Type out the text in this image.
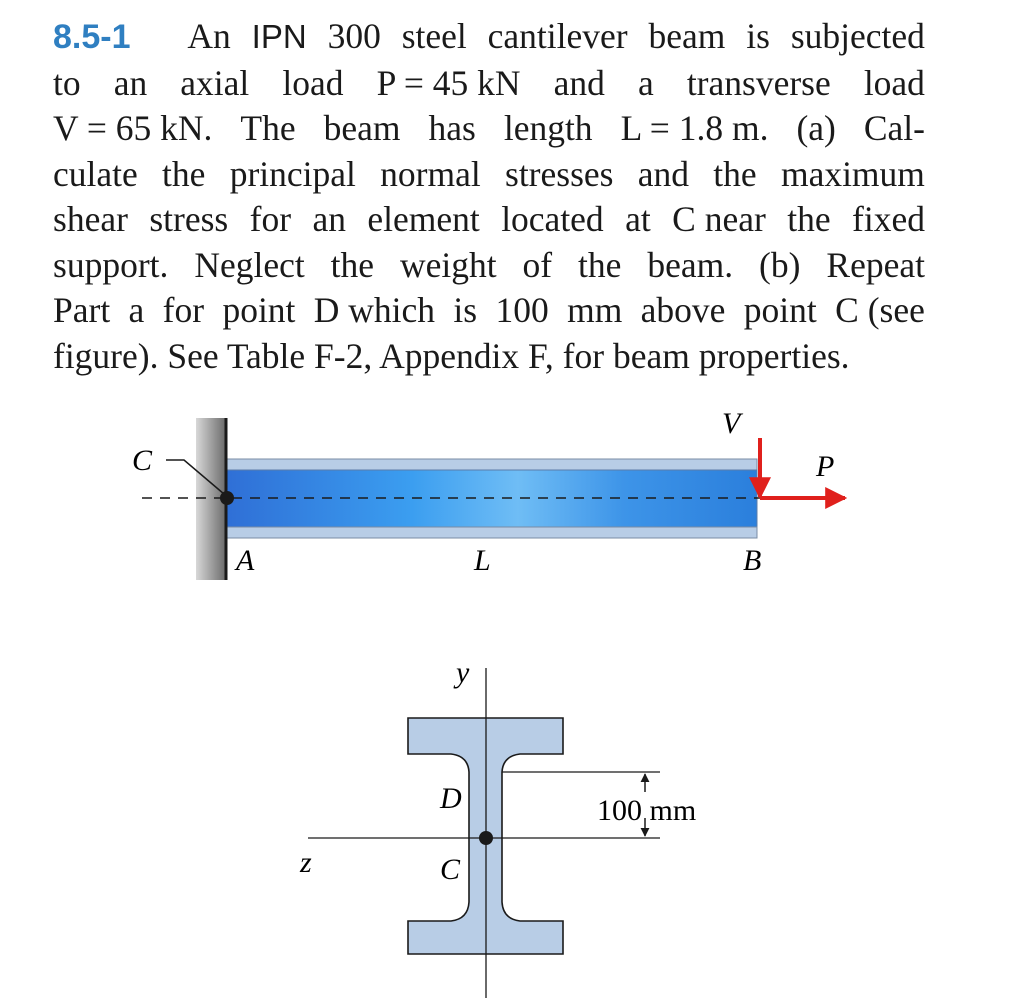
8.5-1 An IPN 300 steel cantilever beam is subjected
to an axial load P = 45 kN and a transverse load
V = 65 kN. The beam has length L = 1.8 m. (a) Cal-
culate the principal normal stresses and the maximum
shear stress for an element located at C near the fixed
support. Neglect the weight of the beam. (b) Repeat
Part a for point D which is 100 mm above point C (see
figure). See Table F-2, Appendix F, for beam properties.
C
V
P
A	L	B
y
z
D
C
100 mm
